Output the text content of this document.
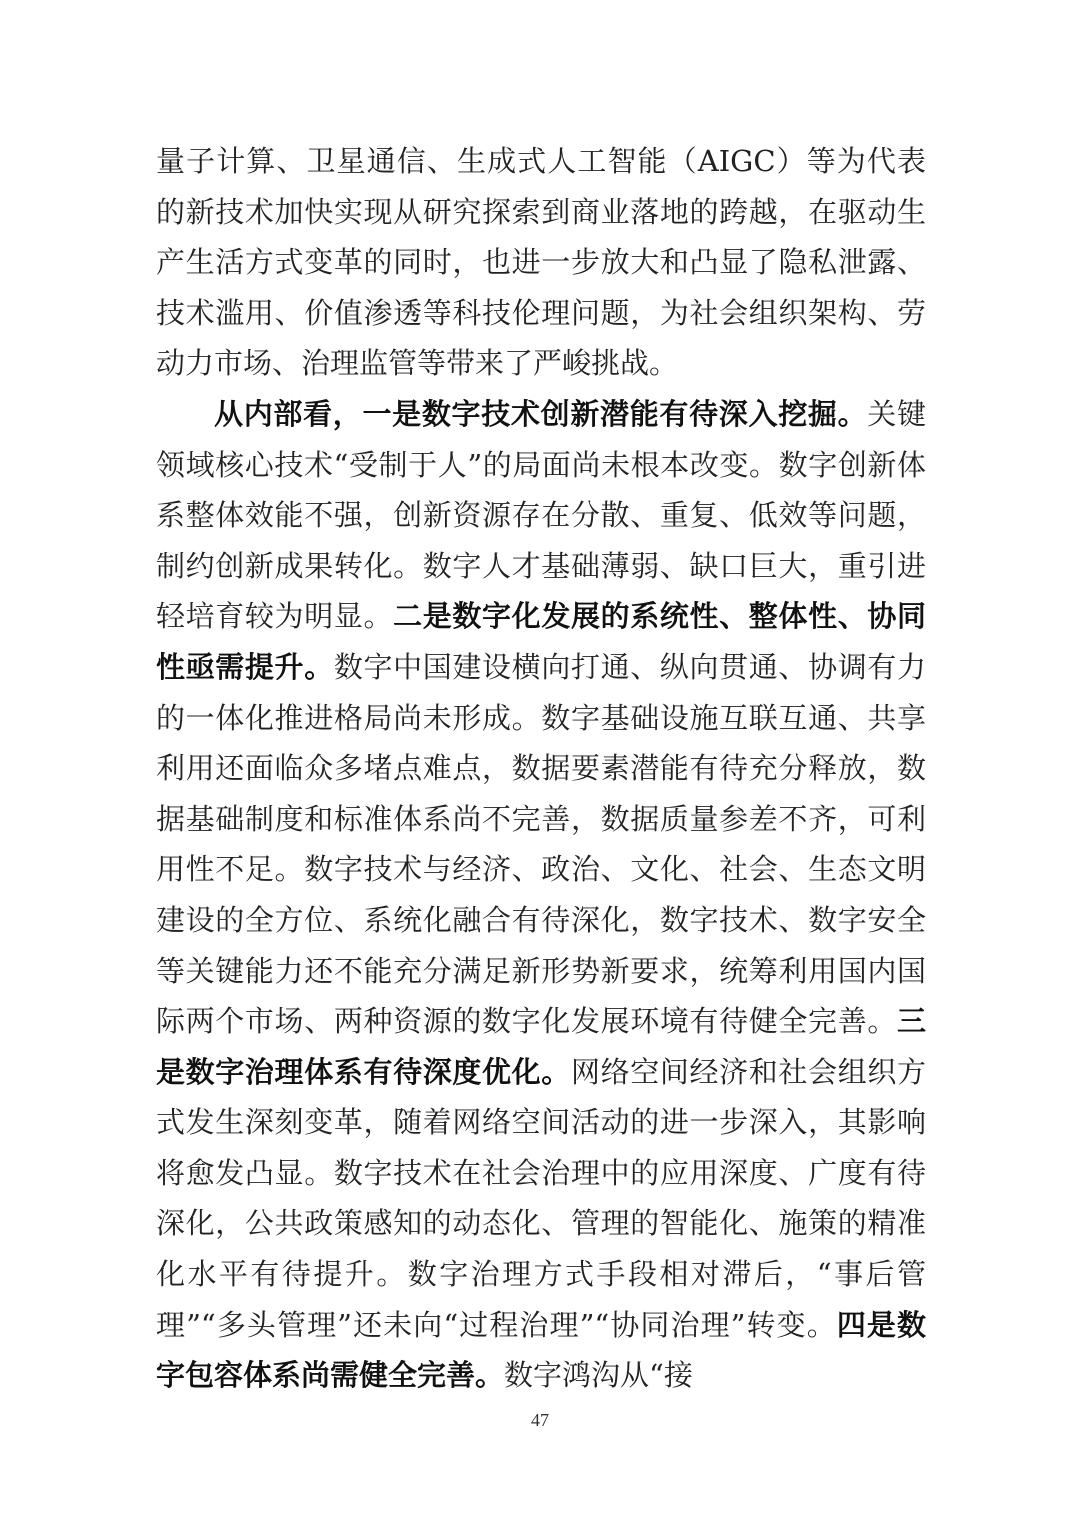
量子计算、卫星通信、生成式人工智能（AIGC）等为代表的新技术加快实现从研究探索到商业落地的跨越，在驱动生产生活方式变革的同时，也进一步放大和凸显了隐私泄露、技术滥用、价值渗透等科技伦理问题，为社会组织架构、劳动力市场、治理监管等带来了严峻挑战。

从内部看，一是数字技术创新潜能有待深入挖掘。关键领域核心技术“受制于人”的局面尚未根本改变。数字创新体系整体效能不强，创新资源存在分散、重复、低效等问题，制约创新成果转化。数字人才基础薄弱、缺口巨大，重引进轻培育较为明显。二是数字化发展的系统性、整体性、协同性亟需提升。数字中国建设横向打通、纵向贯通、协调有力的一体化推进格局尚未形成。数字基础设施互联互通、共享利用还面临众多堵点难点，数据要素潜能有待充分释放，数据基础制度和标准体系尚不完善，数据质量参差不齐，可利用性不足。数字技术与经济、政治、文化、社会、生态文明建设的全方位、系统化融合有待深化，数字技术、数字安全等关键能力还不能充分满足新形势新要求，统筹利用国内国际两个市场、两种资源的数字化发展环境有待健全完善。三是数字治理体系有待深度优化。网络空间经济和社会组织方式发生深刻变革，随着网络空间活动的进一步深入，其影响将愈发凸显。数字技术在社会治理中的应用深度、广度有待深化，公共政策感知的动态化、管理的智能化、施策的精准化水平有待提升。数字治理方式手段相对滞后，“事后管理”“多头管理”还未向“过程治理”“协同治理”转变。四是数字包容体系尚需健全完善。数字鸿沟从“接

47
